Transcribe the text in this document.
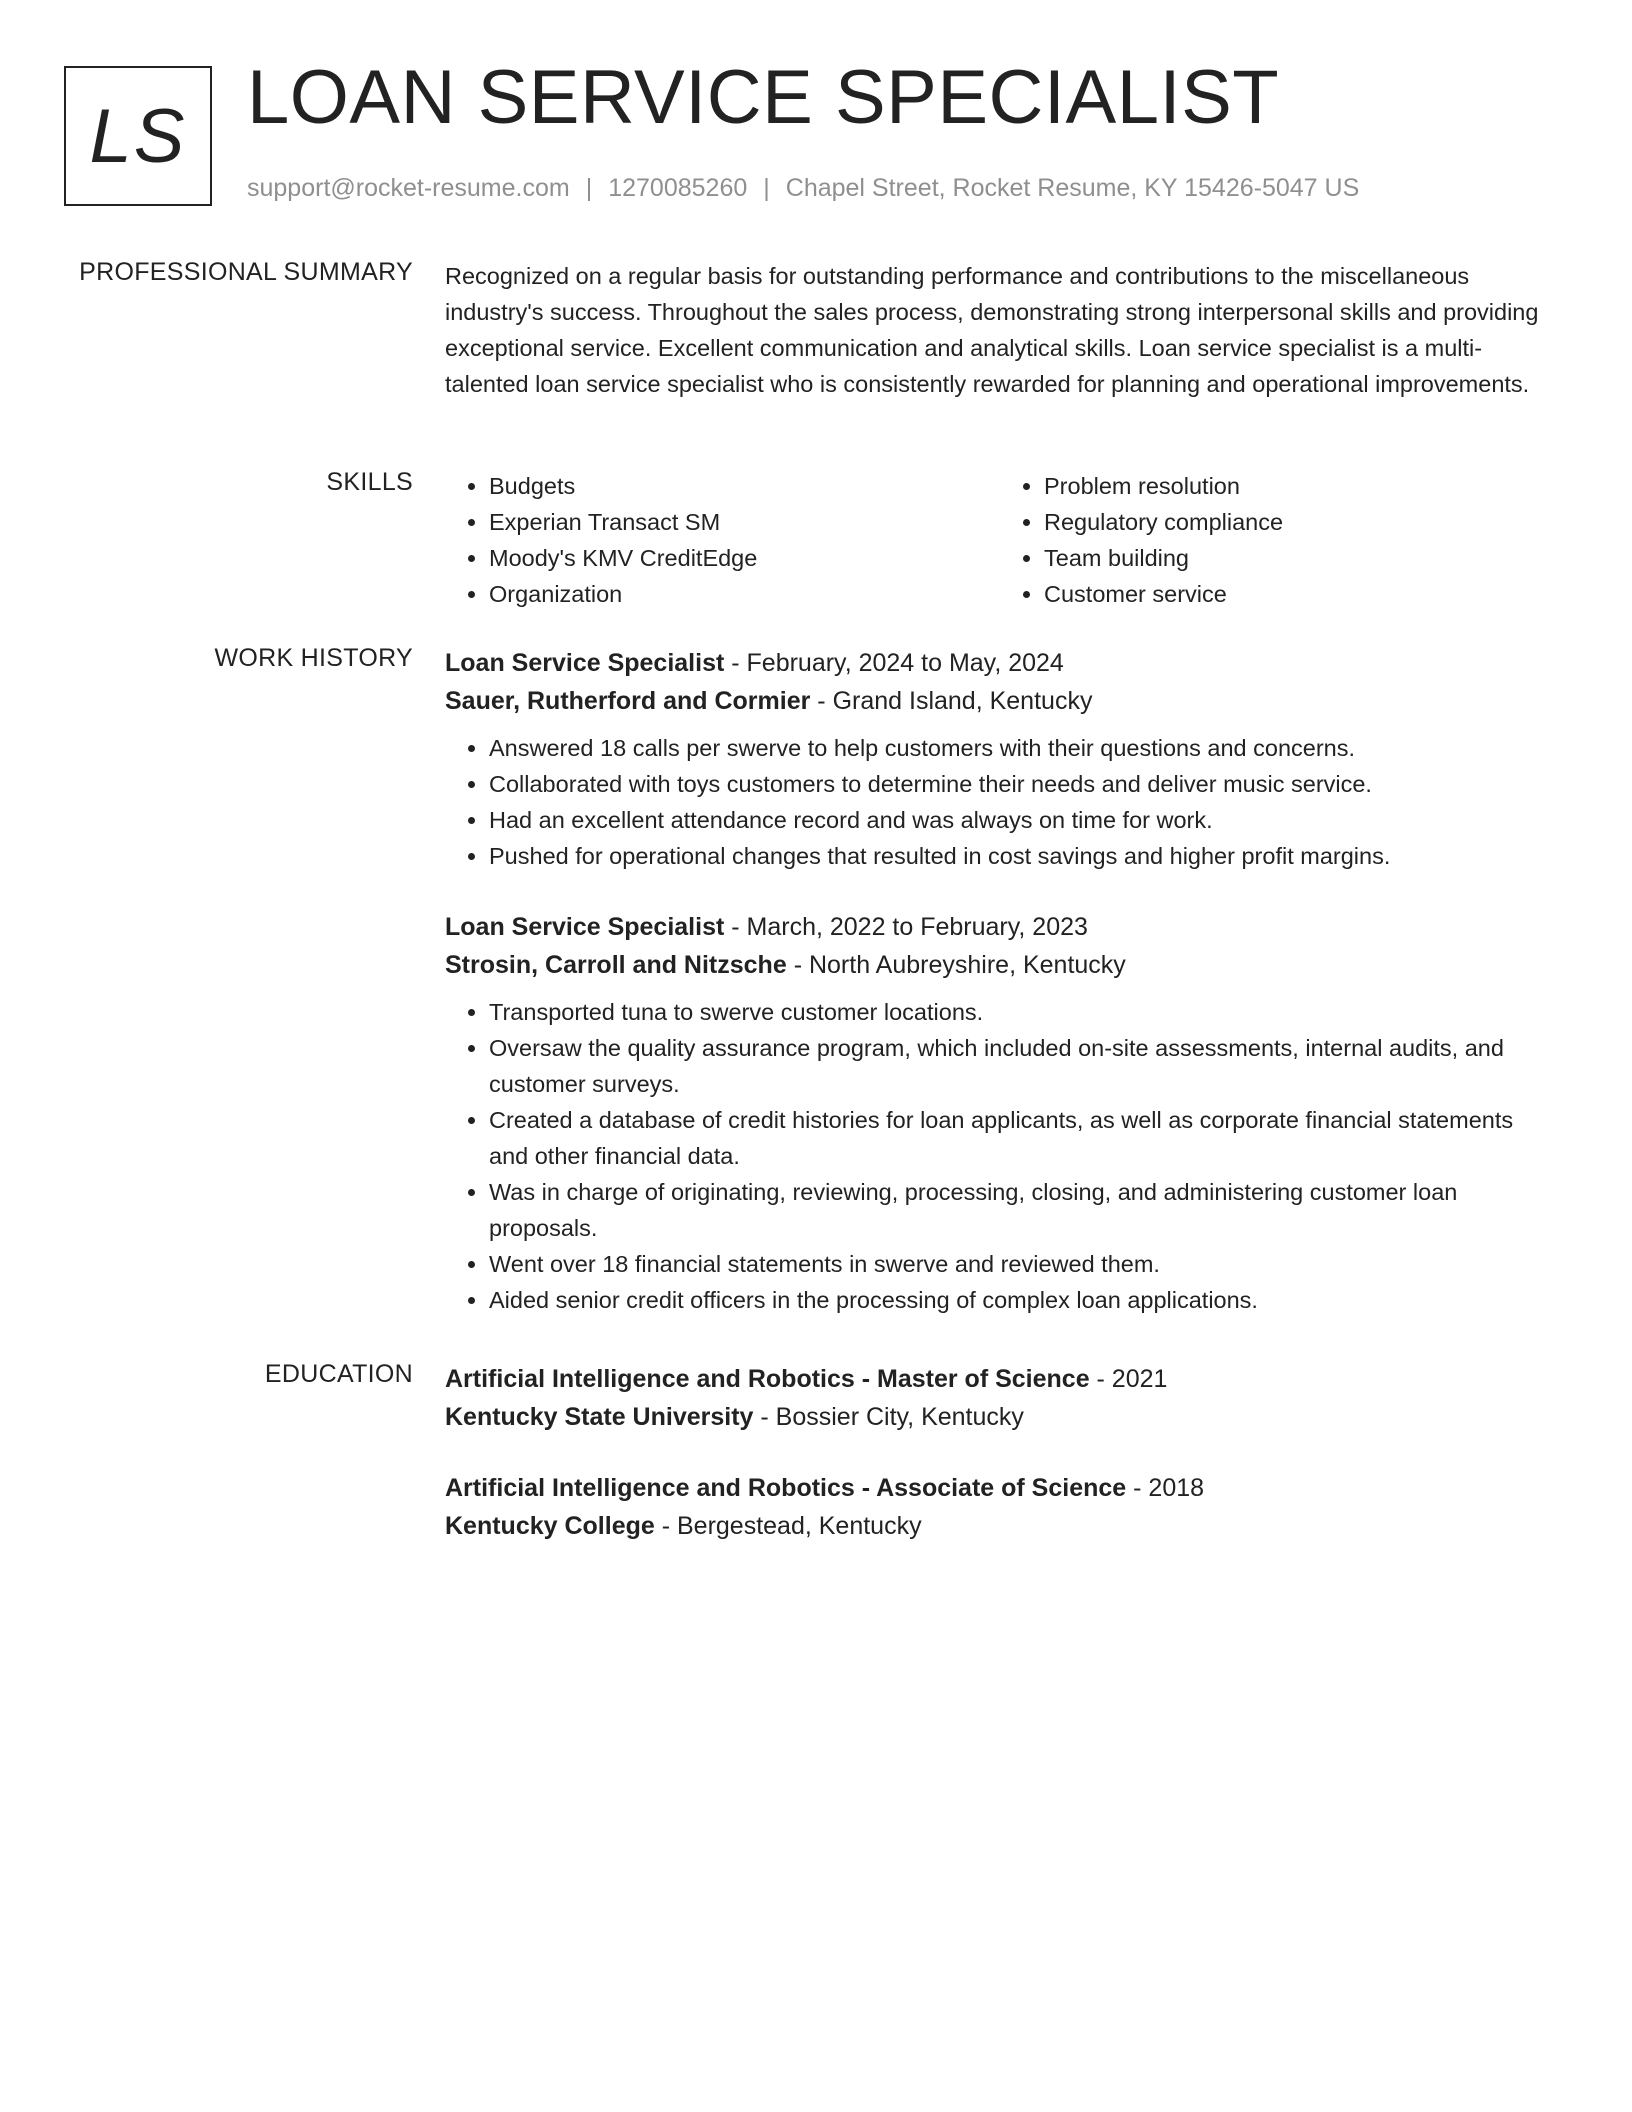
LS LOAN SERVICE SPECIALIST
support@rocket-resume.com | 1270085260 | Chapel Street, Rocket Resume, KY 15426-5047 US
PROFESSIONAL SUMMARY Recognized on a regular basis for outstanding performance and contributions to the miscellaneous industry's success. Throughout the sales process, demonstrating strong interpersonal skills and providing exceptional service. Excellent communication and analytical skills. Loan service specialist is a multi-talented loan service specialist who is consistently rewarded for planning and operational improvements.

SKILLS
•	Budgets
• Experian Transact SM
• Moody's KMV CreditEdge
• Organization
• Problem resolution
• Regulatory compliance
• Team building
• Customer service
WORK HISTORY Loan Service Specialist - February, 2024 to May, 2024
Sauer, Rutherford and Cormier - Grand Island, Kentucky
• Answered 18 calls per swerve to help customers with their questions and concerns.
• Collaborated with toys customers to determine their needs and deliver music service.
• Had an excellent attendance record and was always on time for work.
• Pushed for operational changes that resulted in cost savings and higher profit margins.
Loan Service Specialist - March, 2022 to February, 2023
Strosin, Carroll and Nitzsche - North Aubreyshire, Kentucky
• Transported tuna to swerve customer locations.
• Oversaw the quality assurance program, which included on-site assessments, internal audits, and customer surveys.
• Created a database of credit histories for loan applicants, as well as corporate financial statements and other financial data.
• Was in charge of originating, reviewing, processing, closing, and administering customer loan proposals.
• Went over 18 financial statements in swerve and reviewed them.
• Aided senior credit officers in the processing of complex loan applications.
EDUCATION Artificial Intelligence and Robotics - Master of Science - 2021
Kentucky State University - Bossier City, Kentucky
Artificial Intelligence and Robotics - Associate of Science - 2018
Kentucky College - Bergestead, Kentucky
